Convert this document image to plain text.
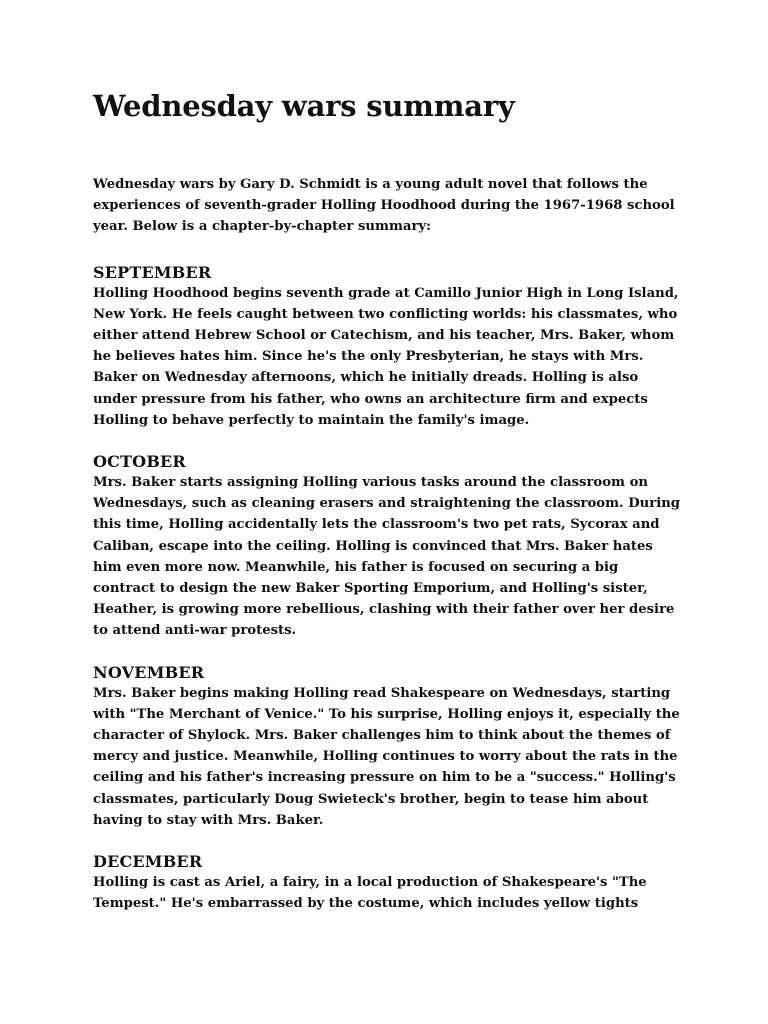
Wednesday wars summary

Wednesday wars by Gary D. Schmidt is a young adult novel that follows the experiences of seventh-grader Holling Hoodhood during the 1967-1968 school year. Below is a chapter-by-chapter summary:

SEPTEMBER

Holling Hoodhood begins seventh grade at Camillo Junior High in Long Island, New York. He feels caught between two conflicting worlds: his classmates, who either attend Hebrew School or Catechism, and his teacher, Mrs. Baker, whom he believes hates him. Since he's the only Presbyterian, he stays with Mrs. Baker on Wednesday afternoons, which he initially dreads. Holling is also under pressure from his father, who owns an architecture firm and expects Holling to behave perfectly to maintain the family's image.

OCTOBER

Mrs. Baker starts assigning Holling various tasks around the classroom on Wednesdays, such as cleaning erasers and straightening the classroom. During this time, Holling accidentally lets the classroom's two pet rats, Sycorax and Caliban, escape into the ceiling. Holling is convinced that Mrs. Baker hates him even more now. Meanwhile, his father is focused on securing a big contract to design the new Baker Sporting Emporium, and Holling's sister, Heather, is growing more rebellious, clashing with their father over her desire to attend anti-war protests.

NOVEMBER

Mrs. Baker begins making Holling read Shakespeare on Wednesdays, starting with "The Merchant of Venice." To his surprise, Holling enjoys it, especially the character of Shylock. Mrs. Baker challenges him to think about the themes of mercy and justice. Meanwhile, Holling continues to worry about the rats in the ceiling and his father's increasing pressure on him to be a "success." Holling's classmates, particularly Doug Swieteck's brother, begin to tease him about having to stay with Mrs. Baker.

DECEMBER

Holling is cast as Ariel, a fairy, in a local production of Shakespeare's "The Tempest." He's embarrassed by the costume, which includes yellow tights
